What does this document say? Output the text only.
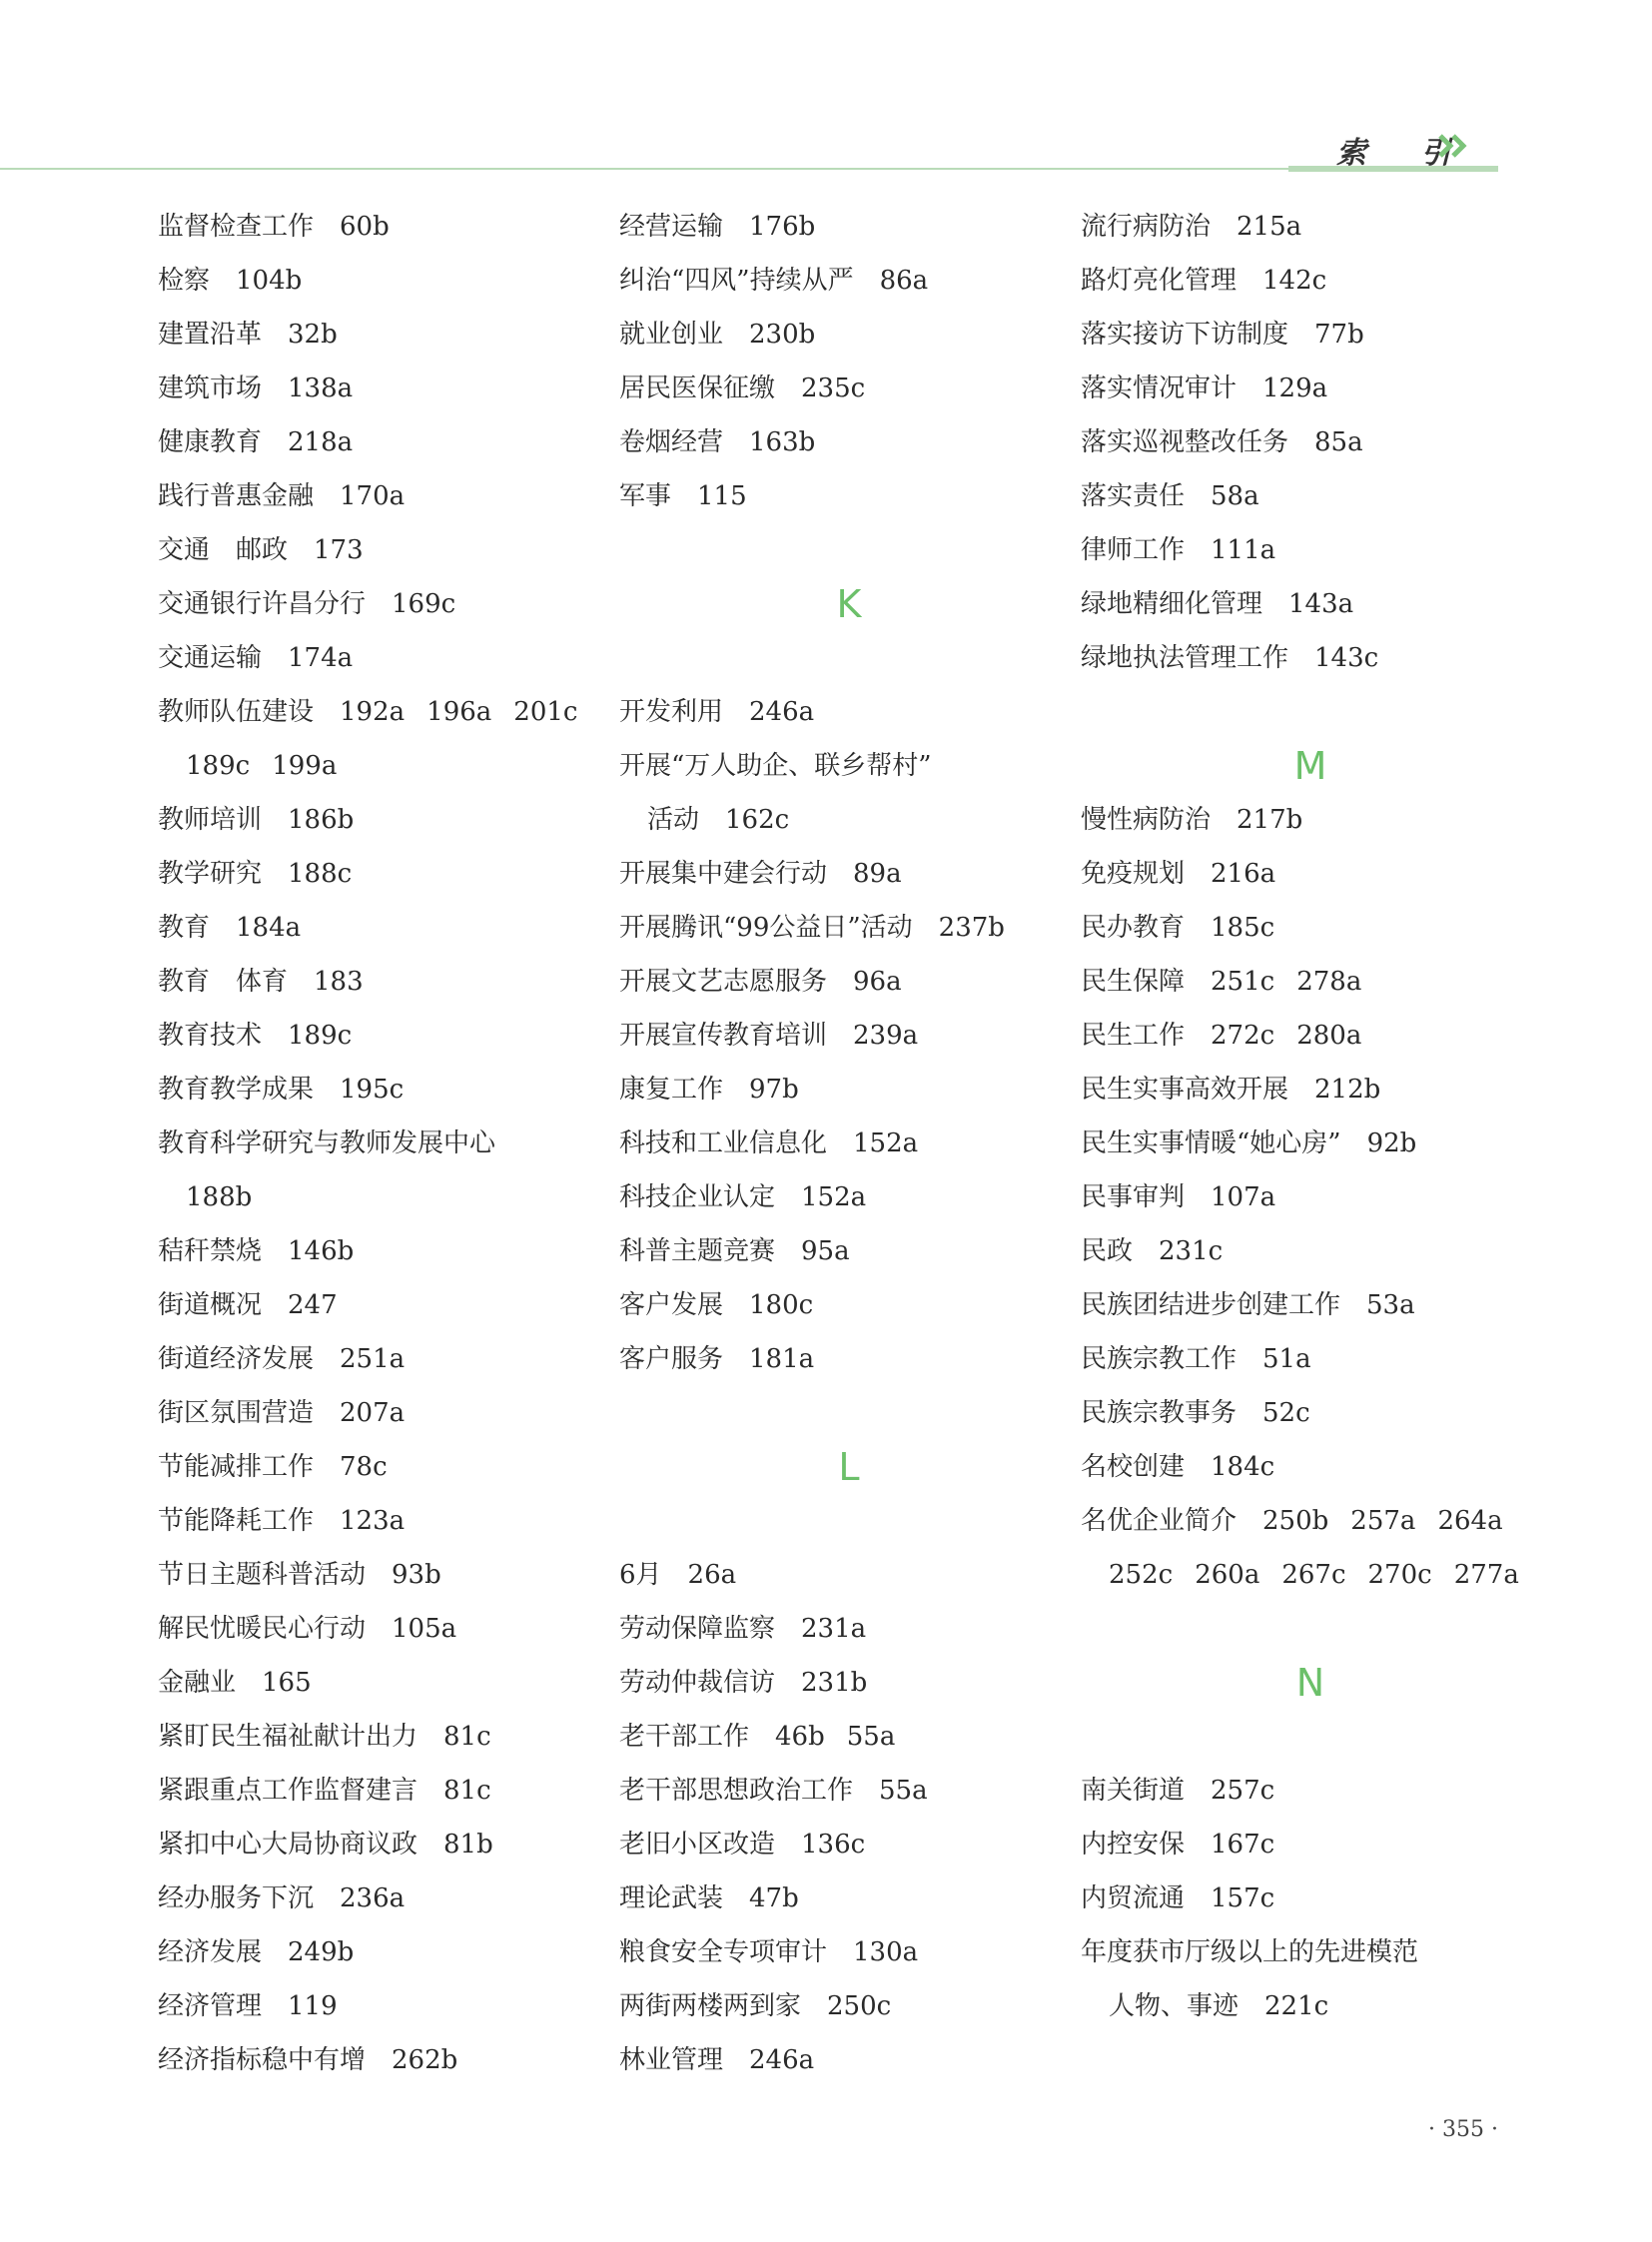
索 引
监督检查工作 60b
检察 104b
建置沿革 32b
建筑市场 138a
健康教育 218a
践行普惠金融 170a
交通　邮政 173
交通银行许昌分行 169c
交通运输 174a
教师队伍建设 192a 196a 201c
189c 199a
教师培训 186b
教学研究 188c
教育 184a
教育　体育 183
教育技术 189c
教育教学成果 195c
教育科学研究与教师发展中心
188b
秸秆禁烧 146b
街道概况 247
街道经济发展 251a
街区氛围营造 207a
节能减排工作 78c
节能降耗工作 123a
节日主题科普活动 93b
解民忧暖民心行动 105a
金融业 165
紧盯民生福祉献计出力 81c
紧跟重点工作监督建言 81c
紧扣中心大局协商议政 81b
经办服务下沉 236a
经济发展 249b
经济管理 119
经济指标稳中有增 262b
经营运输 176b
纠治“四风”持续从严 86a
就业创业 230b
居民医保征缴 235c
卷烟经营 163b
军事 115
K
开发利用 246a
开展“万人助企、联乡帮村”
活动 162c
开展集中建会行动 89a
开展腾讯“99公益日”活动 237b
开展文艺志愿服务 96a
开展宣传教育培训 239a
康复工作 97b
科技和工业信息化 152a
科技企业认定 152a
科普主题竞赛 95a
客户发展 180c
客户服务 181a
L
6月 26a
劳动保障监察 231a
劳动仲裁信访 231b
老干部工作 46b 55a
老干部思想政治工作 55a
老旧小区改造 136c
理论武装 47b
粮食安全专项审计 130a
两街两楼两到家 250c
林业管理 246a
流行病防治 215a
路灯亮化管理 142c
落实接访下访制度 77b
落实情况审计 129a
落实巡视整改任务 85a
落实责任 58a
律师工作 111a
绿地精细化管理 143a
绿地执法管理工作 143c
M
慢性病防治 217b
免疫规划 216a
民办教育 185c
民生保障 251c 278a
民生工作 272c 280a
民生实事高效开展 212b
民生实事情暖“她心房” 92b
民事审判 107a
民政 231c
民族团结进步创建工作 53a
民族宗教工作 51a
民族宗教事务 52c
名校创建 184c
名优企业简介 250b 257a 264a
252c 260a 267c 270c 277a
N
南关街道 257c
内控安保 167c
内贸流通 157c
年度获市厅级以上的先进模范
人物、事迹 221c
· 355 ·
